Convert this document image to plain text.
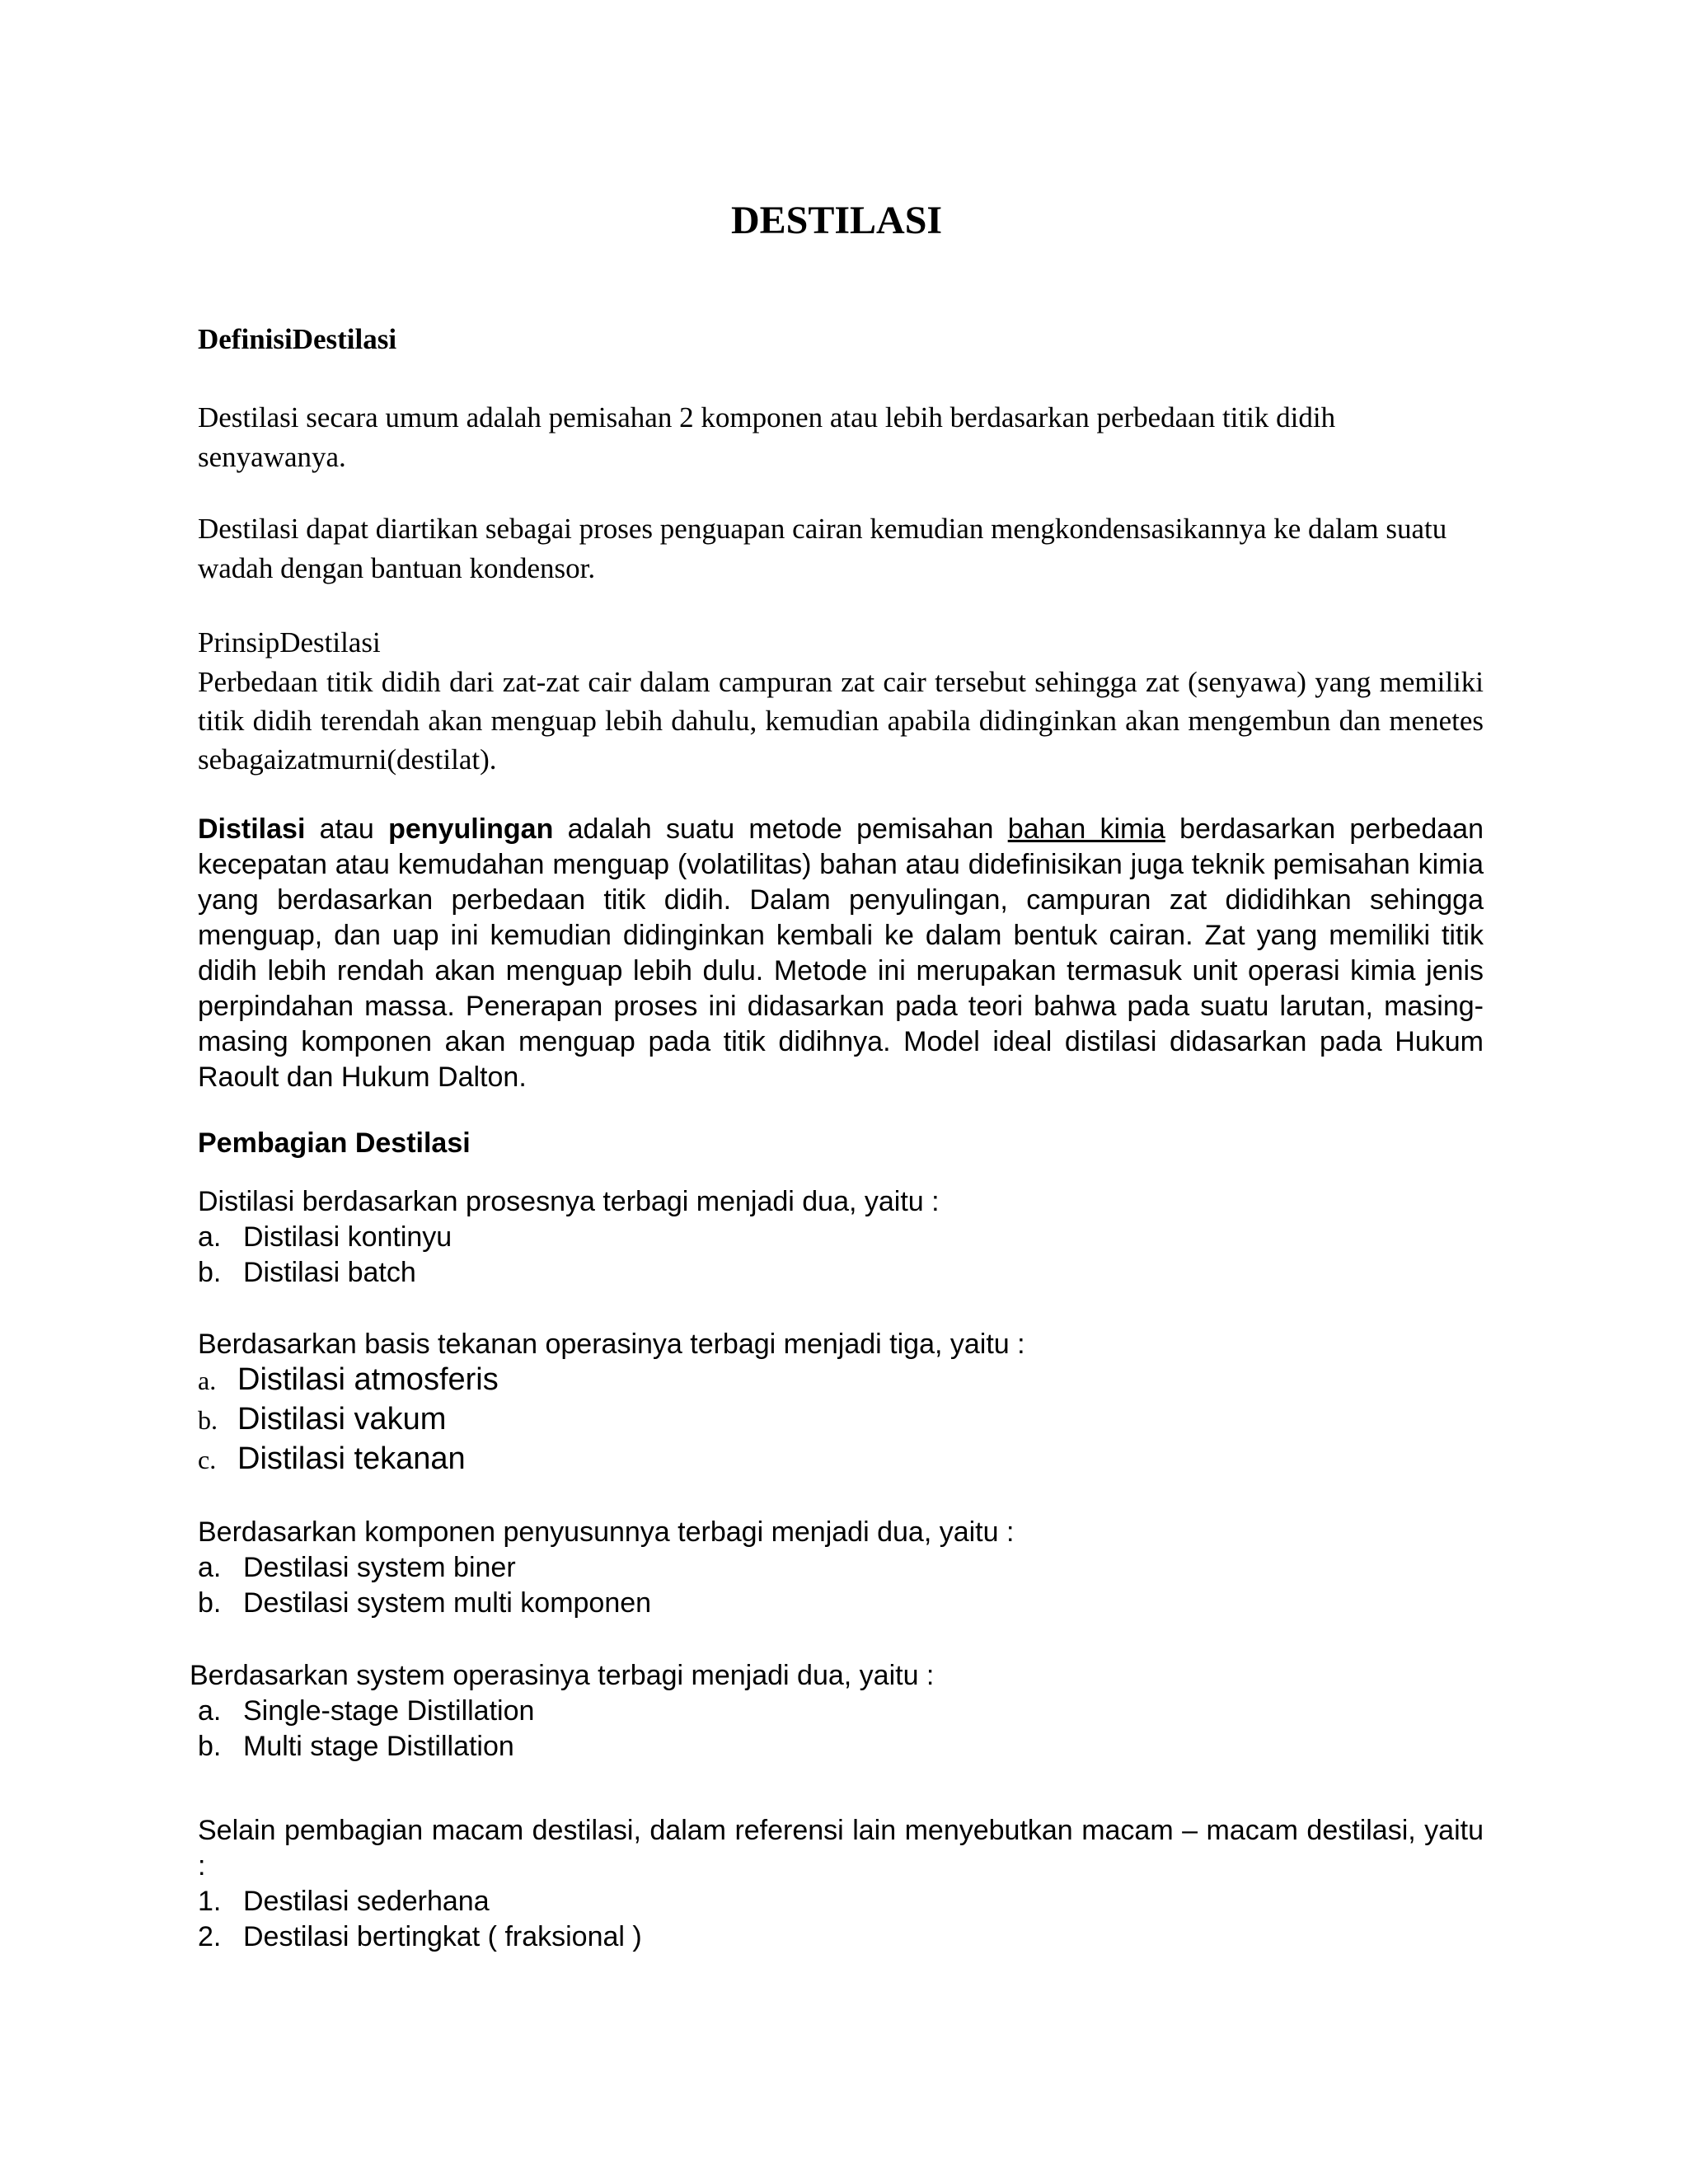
DESTILASI
DefinisiDestilasi

Destilasi secara umum adalah pemisahan 2 komponen atau lebih berdasarkan perbedaan titik didih senyawanya.

Destilasi dapat diartikan sebagai proses penguapan cairan kemudian mengkondensasikannya ke dalam suatu wadah dengan bantuan kondensor.

PrinsipDestilasi

Perbedaan titik didih dari zat-zat cair dalam campuran zat cair tersebut sehingga zat (senyawa) yang memiliki titik didih terendah akan menguap lebih dahulu, kemudian apabila didinginkan akan mengembun dan menetes sebagaizatmurni(destilat).

Distilasi atau penyulingan adalah suatu metode pemisahan bahan kimia berdasarkan perbedaan kecepatan atau kemudahan menguap (volatilitas) bahan atau didefinisikan juga teknik pemisahan kimia yang berdasarkan perbedaan titik didih. Dalam penyulingan, campuran zat dididihkan sehingga menguap, dan uap ini kemudian didinginkan kembali ke dalam bentuk cairan. Zat yang memiliki titik didih lebih rendah akan menguap lebih dulu. Metode ini merupakan termasuk unit operasi kimia jenis perpindahan massa. Penerapan proses ini didasarkan pada teori bahwa pada suatu larutan, masing-masing komponen akan menguap pada titik didihnya. Model ideal distilasi didasarkan pada Hukum Raoult dan Hukum Dalton.

Pembagian Destilasi
Distilasi berdasarkan prosesnya terbagi menjadi dua, yaitu :
a. Distilasi kontinyu
b. Distilasi batch
Berdasarkan basis tekanan operasinya terbagi menjadi tiga, yaitu :
a. Distilasi atmosferis
b. Distilasi vakum
c. Distilasi tekanan
Berdasarkan komponen penyusunnya terbagi menjadi dua, yaitu :
a. Destilasi system biner
b. Destilasi system multi komponen
Berdasarkan system operasinya terbagi menjadi dua, yaitu :
a. Single-stage Distillation
b. Multi stage Distillation

Selain pembagian macam destilasi, dalam referensi lain menyebutkan macam – macam destilasi, yaitu :

1. Destilasi sederhana
2. Destilasi bertingkat ( fraksional )
